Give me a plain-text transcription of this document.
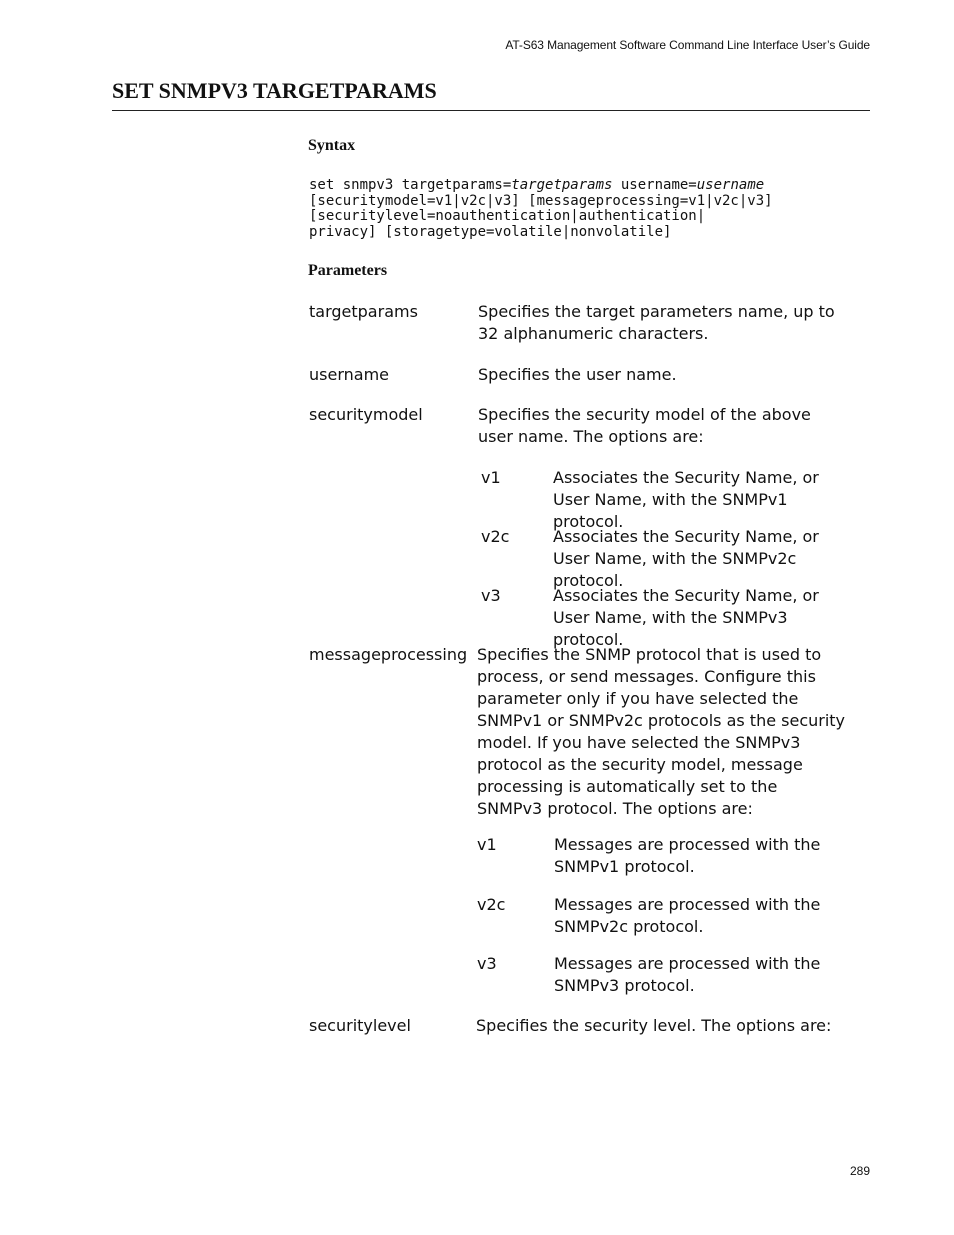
AT-S63 Management Software Command Line Interface User’s Guide
SET SNMPV3 TARGETPARAMS
Syntax
set snmpv3 targetparams=targetparams username=username
[securitymodel=v1|v2c|v3] [messageprocessing=v1|v2c|v3]
[securitylevel=noauthentication|authentication|
privacy] [storagetype=volatile|nonvolatile]
Parameters
targetparams	Specifies the target parameters name, up to 32 alphanumeric characters.
username	Specifies the user name.
securitymodel	Specifies the security model of the above user name. The options are:
v1	Associates the Security Name, or User Name, with the SNMPv1 protocol.
v2c	Associates the Security Name, or User Name, with the SNMPv2c protocol.
v3	Associates the Security Name, or User Name, with the SNMPv3 protocol.
messageprocessing Specifies the SNMP protocol that is used to process, or send messages. Configure this parameter only if you have selected the SNMPv1 or SNMPv2c protocols as the security model. If you have selected the SNMPv3 protocol as the security model, message processing is automatically set to the SNMPv3 protocol. The options are:
v1	Messages are processed with the SNMPv1 protocol.
v2c	Messages are processed with the SNMPv2c protocol.
v3	Messages are processed with the SNMPv3 protocol.
securitylevel	Specifies the security level. The options are:
289
